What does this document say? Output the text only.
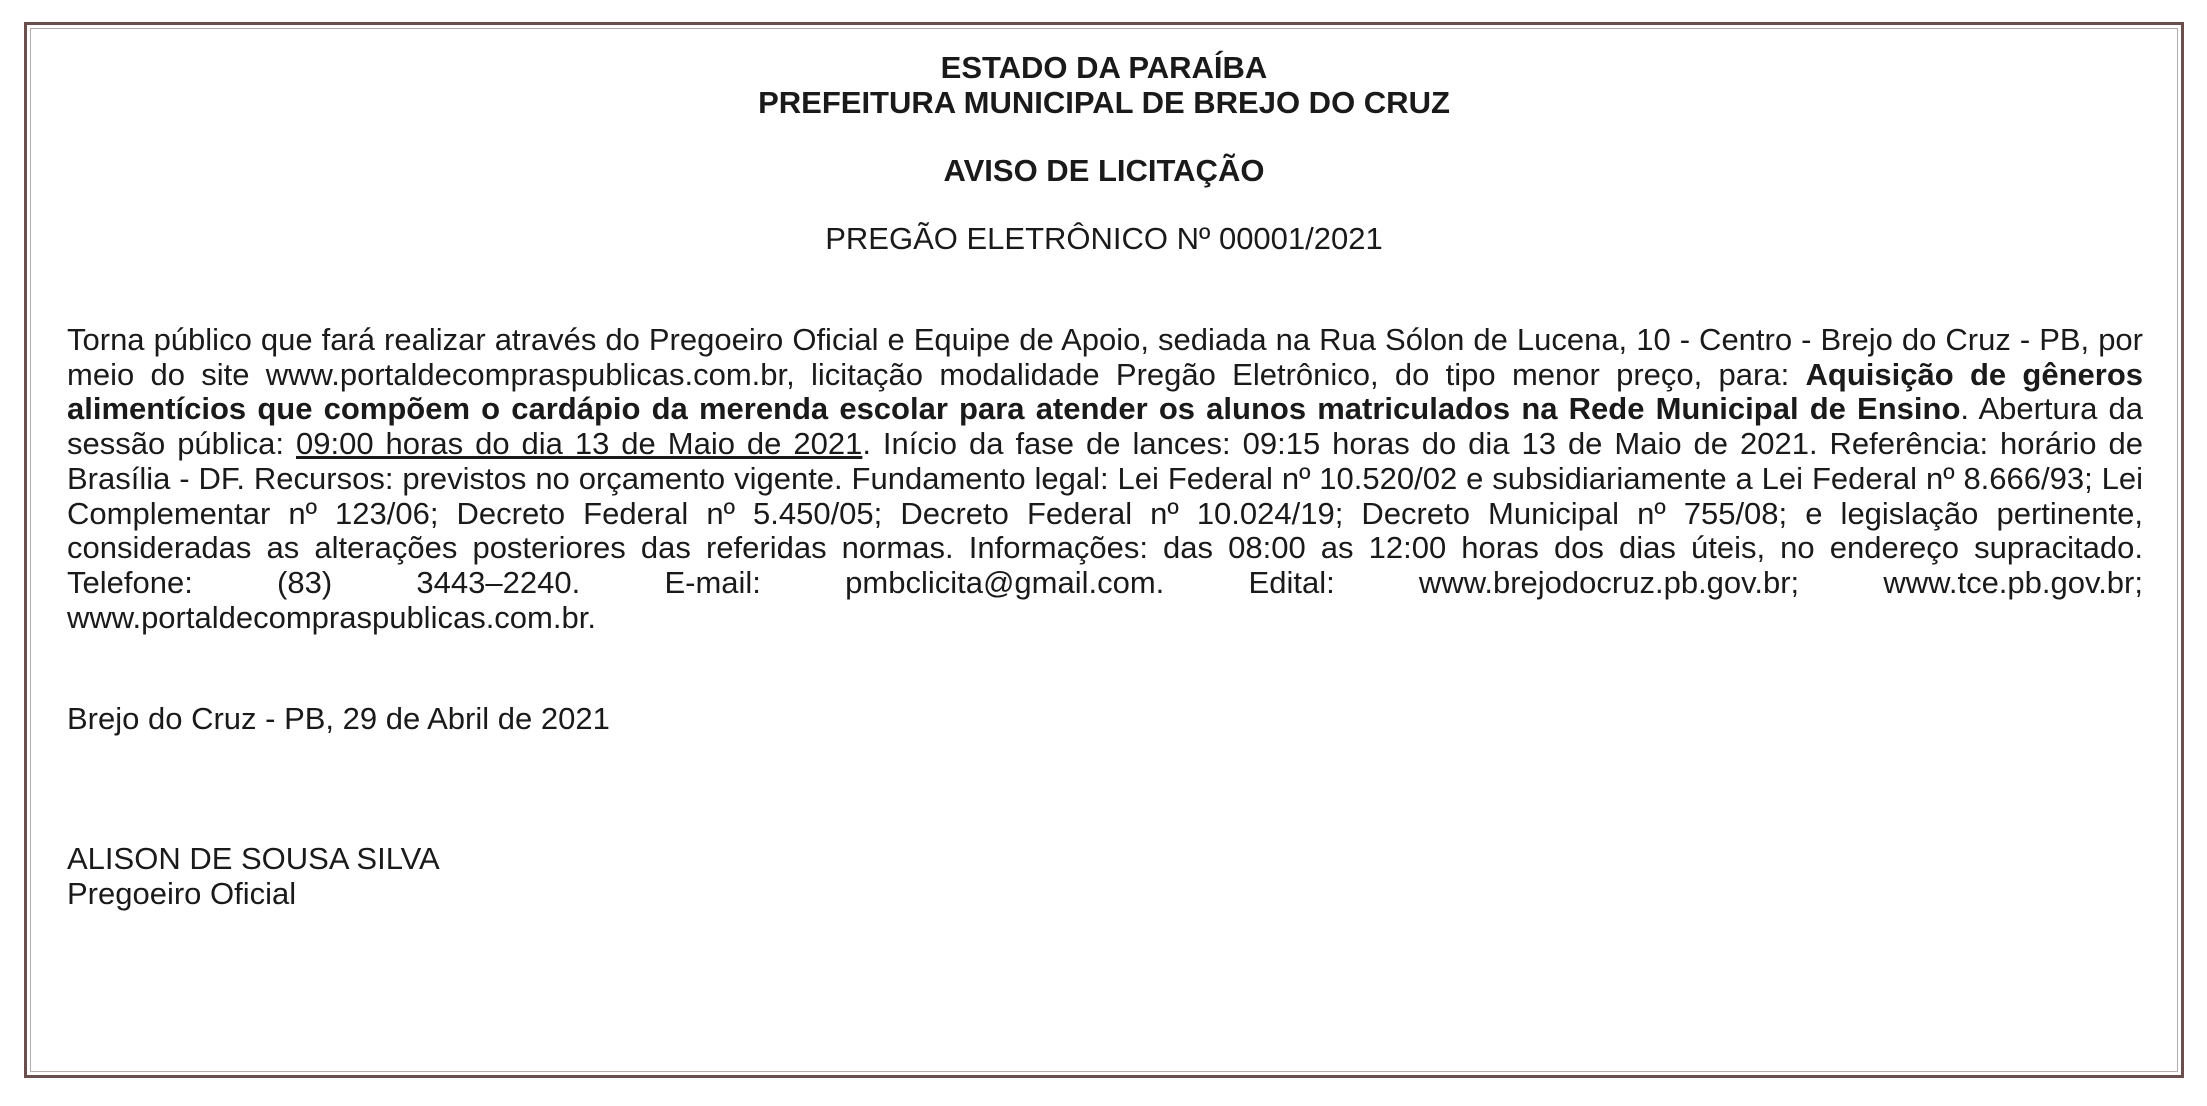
ESTADO DA PARAÍBA
PREFEITURA MUNICIPAL DE BREJO DO CRUZ
AVISO DE LICITAÇÃO
PREGÃO ELETRÔNICO Nº 00001/2021

Torna público que fará realizar através do Pregoeiro Oficial e Equipe de Apoio, sediada na Rua Sólon de Lucena, 10 - Centro - Brejo do Cruz - PB, por meio do site www.portaldecompraspublicas.com.br, licitação modalidade Pregão Eletrônico, do tipo menor preço, para: Aquisição de gêneros alimentícios que compõem o cardápio da merenda escolar para atender os alunos matriculados na Rede Municipal de Ensino. Abertura da sessão pública: 09:00 horas do dia 13 de Maio de 2021. Início da fase de lances: 09:15 horas do dia 13 de Maio de 2021. Referência: horário de Brasília - DF. Recursos: previstos no orçamento vigente. Fundamento legal: Lei Federal nº 10.520/02 e subsidiariamente a Lei Federal nº 8.666/93; Lei Complementar nº 123/06; Decreto Federal nº 5.450/05; Decreto Federal nº 10.024/19; Decreto Municipal nº 755/08; e legislação pertinente, consideradas as alterações posteriores das referidas normas. Informações: das 08:00 as 12:00 horas dos dias úteis, no endereço supracitado. Telefone: (83) 3443–2240. E-mail: pmbclicita@gmail.com. Edital: www.brejodocruz.pb.gov.br; www.tce.pb.gov.br; www.portaldecompraspublicas.com.br.

Brejo do Cruz - PB, 29 de Abril de 2021

ALISON DE SOUSA SILVA

Pregoeiro Oficial
